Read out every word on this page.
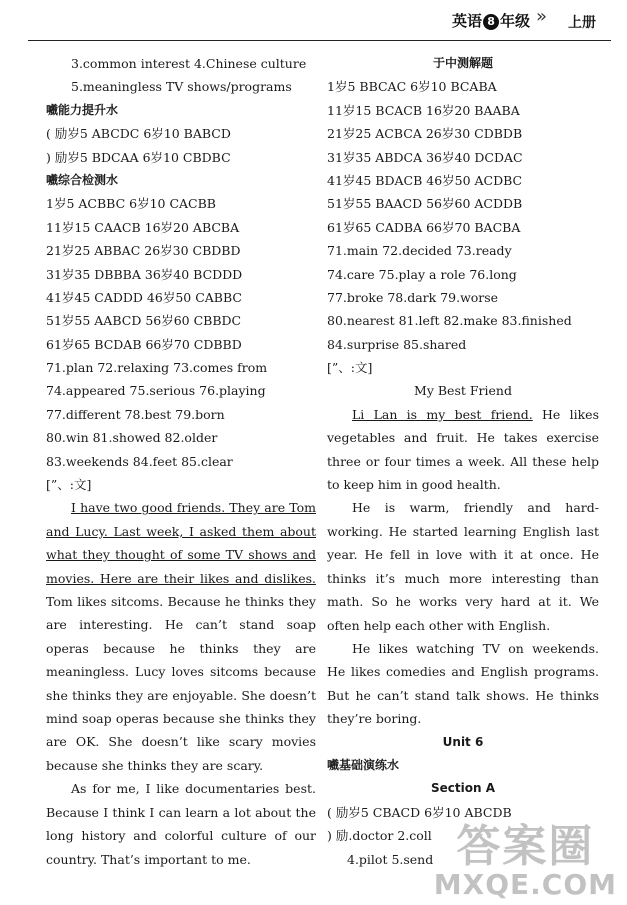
英语 8 年级 » 上册
3.common interest 4.Chinese culture
5.meaningless TV shows/programs
嚱能力提升水
( 励岁5 ABCDC 6岁10 BABCD
) 励岁5 BDCAA 6岁10 CBDBC
嚱综合检测水
1岁5 ACBBC 6岁10 CACBB
11岁15 CAACB 16岁20 ABCBA
21岁25 ABBAC 26岁30 CBDBD
31岁35 DBBBA 36岁40 BCDDD
41岁45 CADDD 46岁50 CABBC
51岁55 AABCD 56岁60 CBBDC
61岁65 BCDAB 66岁70 CDBBD
71.plan 72.relaxing 73.comes from
74.appeared 75.serious 76.playing
77.different 78.best 79.born
80.win 81.showed 82.older
83.weekends 84.feet 85.clear
[”、:文]

I have two good friends. They are Tom and Lucy. Last week, I asked them about what they thought of some TV shows and movies. Here are their likes and dislikes. Tom likes sitcoms. Because he thinks they are interesting. He can’t stand soap operas because he thinks they are meaningless. Lucy loves sitcoms because she thinks they are enjoyable. She doesn’t mind soap operas because she thinks they are OK. She doesn’t like scary movies because she thinks they are scary.

As for me, I like documentaries best. Because I think I can learn a lot about the long history and colorful culture of our country. That’s important to me.

于中测解题
1岁5 BBCAC 6岁10 BCABA
11岁15 BCACB 16岁20 BAABA
21岁25 ACBCA 26岁30 CDBDB
31岁35 ABDCA 36岁40 DCDAC
41岁45 BDACB 46岁50 ACDBC
51岁55 BAACD 56岁60 ACDDB
61岁65 CADBA 66岁70 BACBA
71.main 72.decided 73.ready
74.care 75.play a role 76.long
77.broke 78.dark 79.worse
80.nearest 81.left 82.make 83.finished
84.surprise 85.shared
[”、:文]
My Best Friend

Li Lan is my best friend. He likes vegetables and fruit. He takes exercise three or four times a week. All these help to keep him in good health.

He is warm, friendly and hard-working. He started learning English last year. He fell in love with it at once. He thinks it’s much more interesting than math. So he works very hard at it. We often help each other with English.

He likes watching TV on weekends. He likes comedies and English programs. But he can’t stand talk shows. He thinks they’re boring.

Unit 6
嚱基础演练水
Section A
( 励岁5 CBACD 6岁10 ABCDB
) 励.doctor 2.coll
4.pilot 5.send 答案圈
MXQE.COM
